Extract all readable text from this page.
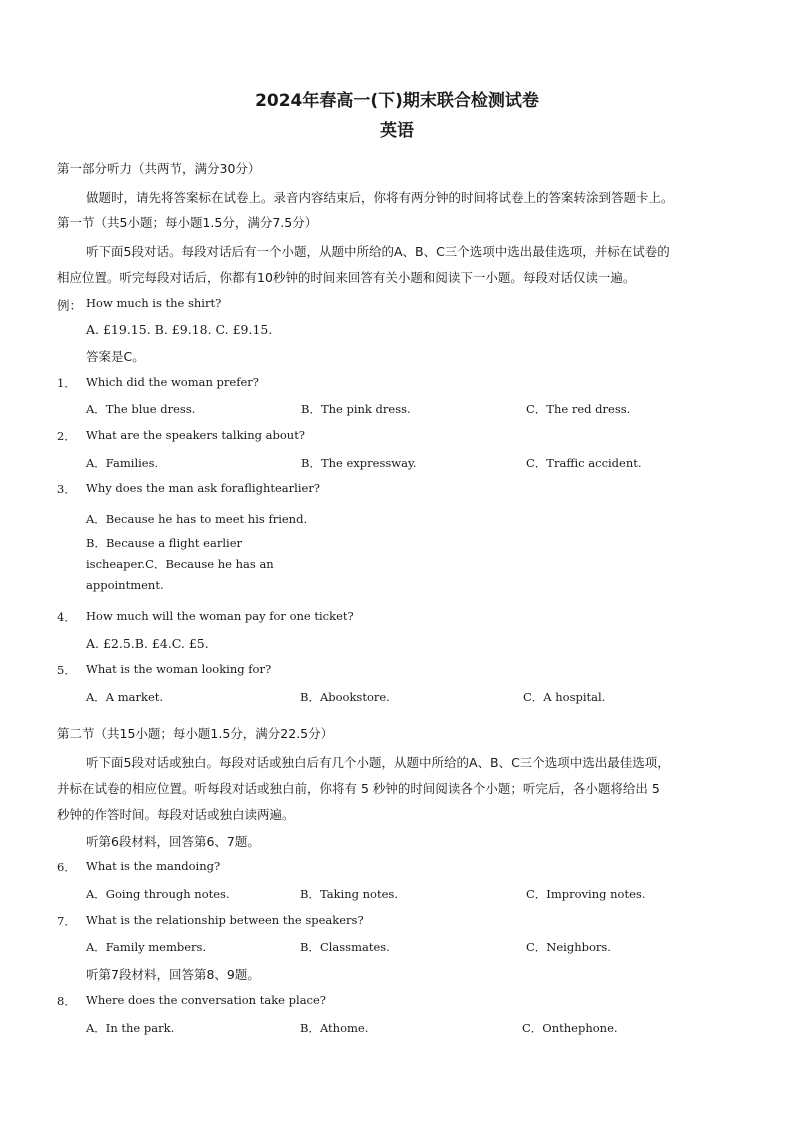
2024年春高一(下)期末联合检测试卷
英语
第一部分听力（共两节，满分30分）
做题时，请先将答案标在试卷上。录音内容结束后，你将有两分钟的时间将试卷上的答案转涂到答题卡上。
第一节（共5小题；每小题1.5分，满分7.5分）
听下面5段对话。每段对话后有一个小题，从题中所给的A、B、C三个选项中选出最佳选项，并标在试卷的
相应位置。听完每段对话后，你都有10秒钟的时间来回答有关小题和阅读下一小题。每段对话仅读一遍。
例： How much is the shirt?
A. £19.15. B. £9.18. C. £9.15.
答案是C。
1． Which did the woman prefer?
A．The blue dress.	B．The pink dress.	C．The red dress.
2． What are the speakers talking about?
A．Families.	B．The expressway.	C．Traffic accident.
3． Why does the man ask foraflightearlier?
A．Because he has to meet his friend.
B．Because a flight earlier ischeaper.C．Because he has an appointment.
4． How much will the woman pay for one ticket?
A. £2.5.B. £4.C. £5.
5． What is the woman looking for?
A．A market.	B．Abookstore.	C．A hospital.
第二节（共15小题；每小题1.5分，满分22.5分）
听下面5段对话或独白。每段对话或独白后有几个小题，从题中所给的A、B、C三个选项中选出最佳选项，
并标在试卷的相应位置。听每段对话或独白前，你将有 5 秒钟的时间阅读各个小题；听完后，各小题将给出 5
秒钟的作答时间。每段对话或独白读两遍。
听第6段材料，回答第6、7题。
6． What is the mandoing?
A．Going through notes.	B．Taking notes.	C．Improving notes.
7． What is the relationship between the speakers?
A．Family members.	B．Classmates.	C．Neighbors.
听第7段材料，回答第8、9题。
8． Where does the conversation take place?
A．In the park.	B．Athome.	C．Onthephone.
